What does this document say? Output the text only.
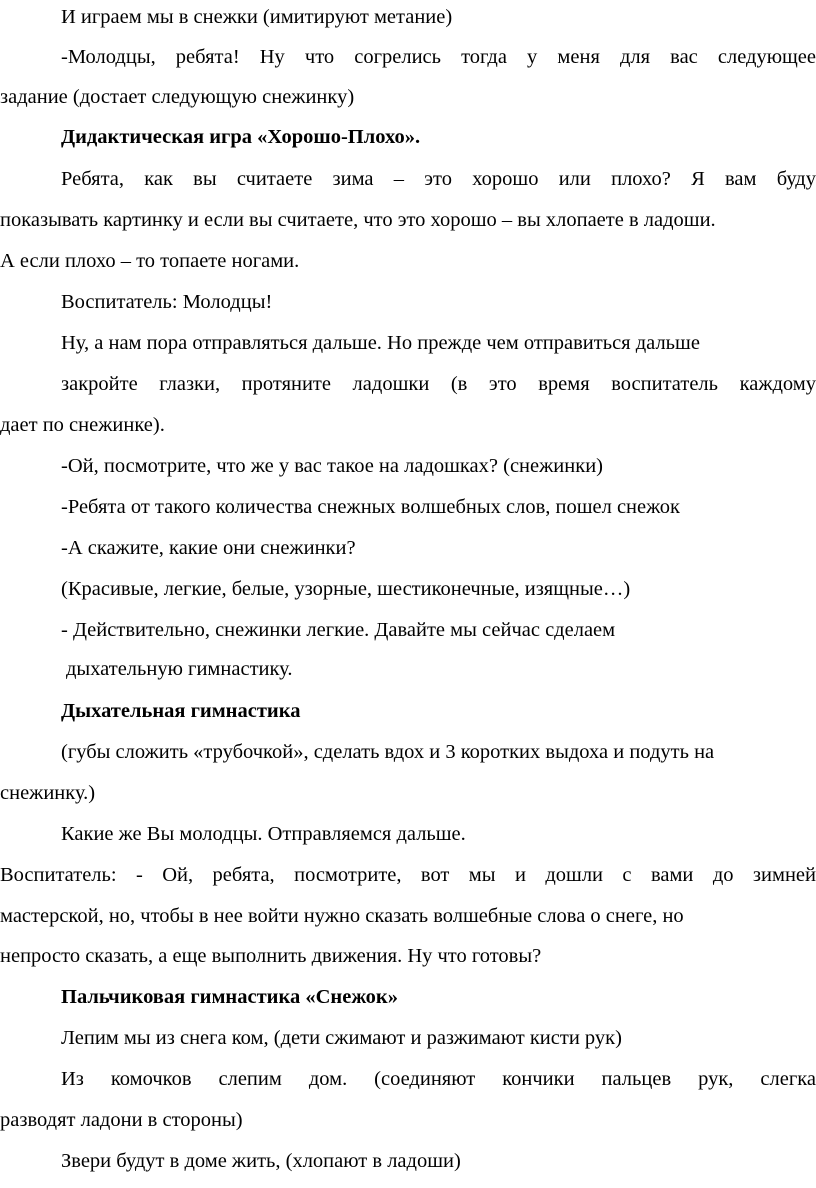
И играем мы в снежки (имитируют метание)

-Молодцы, ребята! Ну что согрелись тогда у меня для вас следующее

задание (достает следующую снежинку)

Дидактическая игра «Хорошо-Плохо».

Ребята, как вы считаете зима – это хорошо или плохо? Я вам буду

показывать картинку и если вы считаете, что это хорошо – вы хлопаете в ладоши.

А если плохо – то топаете ногами.

Воспитатель: Молодцы!

Ну, а нам пора отправляться дальше. Но прежде чем отправиться дальше

закройте глазки, протяните ладошки (в это время воспитатель каждому

дает по снежинке).

-Ой, посмотрите, что же у вас такое на ладошках? (снежинки)

-Ребята от такого количества снежных волшебных слов, пошел снежок

-А скажите, какие они снежинки?

(Красивые, легкие, белые, узорные, шестиконечные, изящные…)

- Действительно, снежинки легкие. Давайте мы сейчас сделаем

дыхательную гимнастику.

Дыхательная гимнастика

(губы сложить «трубочкой», сделать вдох и 3 коротких выдоха и подуть на

снежинку.)

Какие же Вы молодцы. Отправляемся дальше.

Воспитатель: - Ой, ребята, посмотрите, вот мы и дошли с вами до зимней

мастерской, но, чтобы в нее войти нужно сказать волшебные слова о снеге, но

непросто сказать, а еще выполнить движения. Ну что готовы?

Пальчиковая гимнастика «Снежок»

Лепим мы из снега ком, (дети сжимают и разжимают кисти рук)

Из комочков слепим дом. (соединяют кончики пальцев рук, слегка

разводят ладони в стороны)

Звери будут в доме жить, (хлопают в ладоши)
